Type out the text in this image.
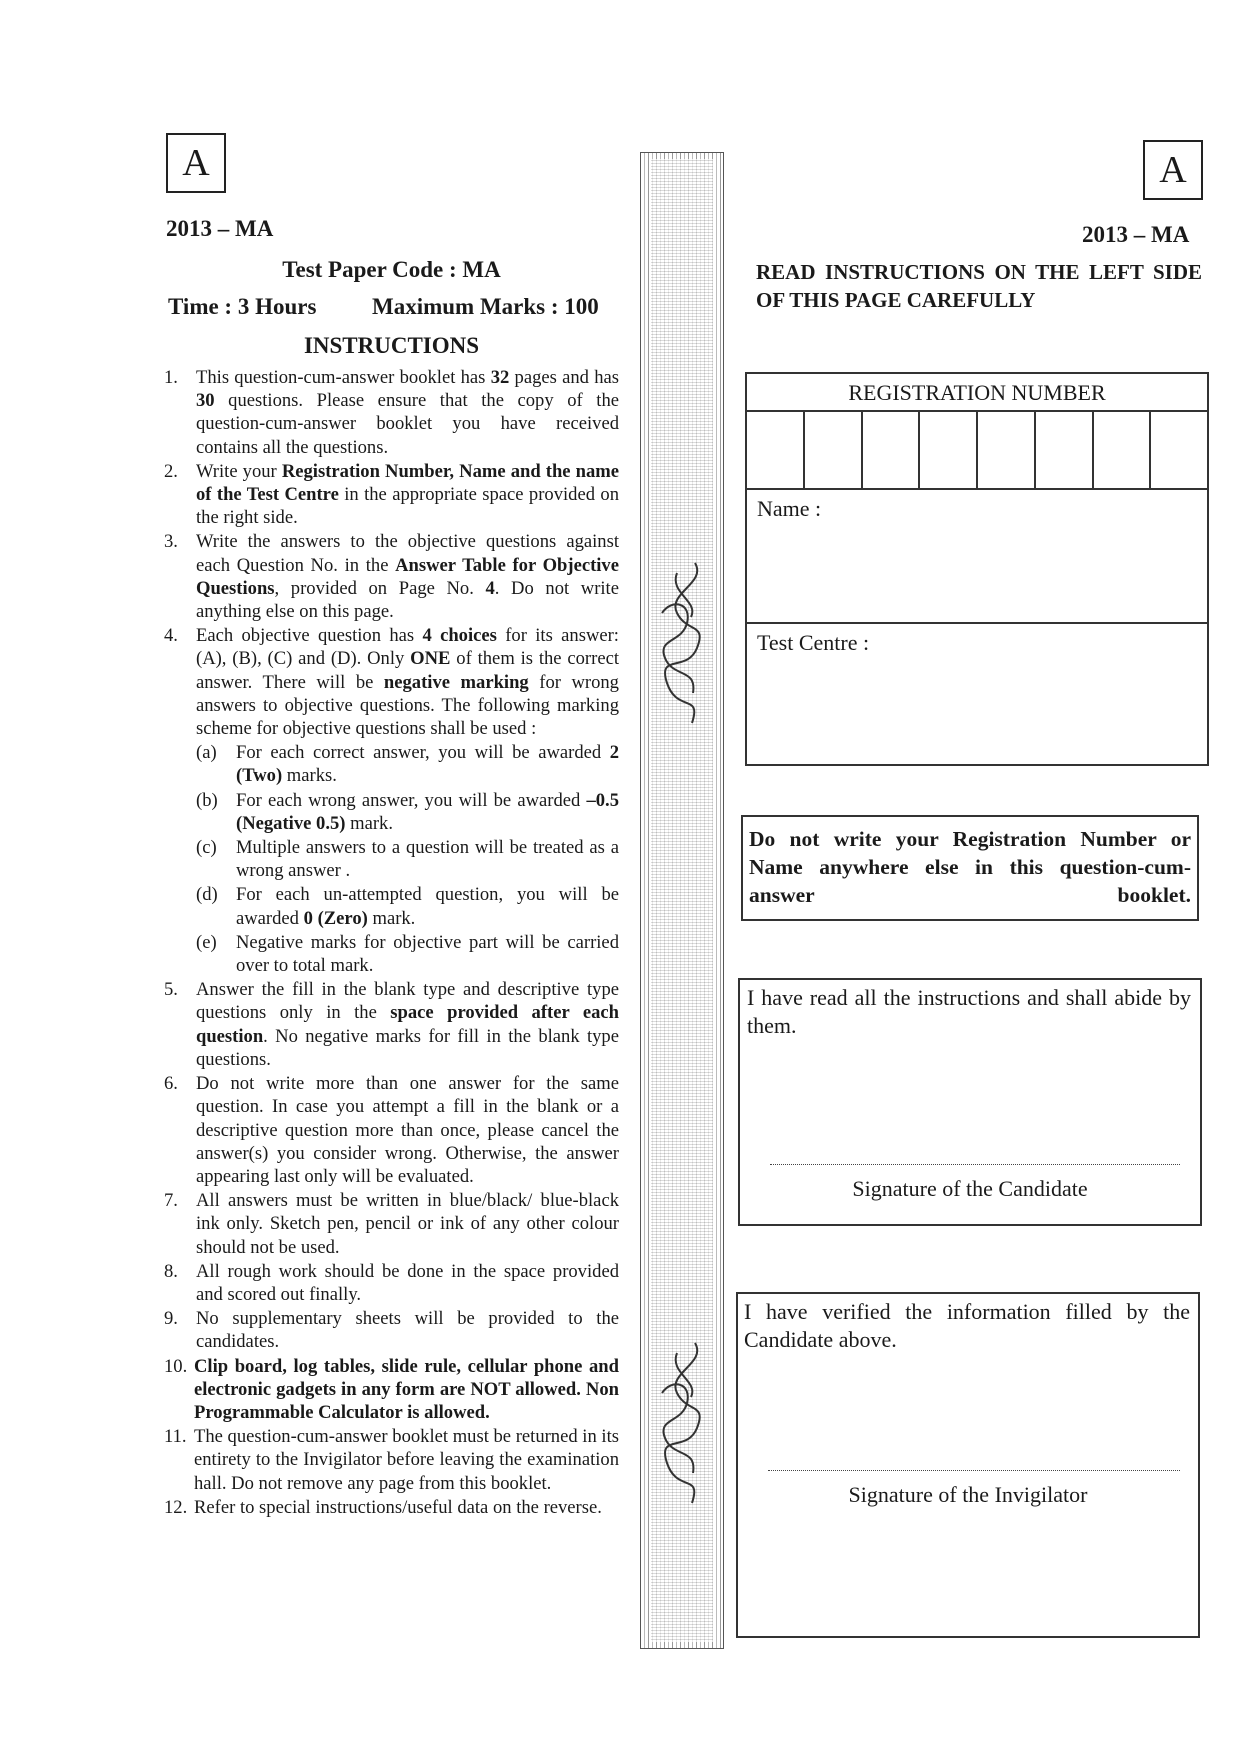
A
2013 – MA
Test Paper Code : MA
Time : 3 Hours Maximum Marks : 100
INSTRUCTIONS
1. This question-cum-answer booklet has 32 pages and has 30 questions. Please ensure that the copy of the question-cum-answer booklet you have received contains all the questions.
2. Write your Registration Number, Name and the name of the Test Centre in the appropriate space provided on the right side.
3. Write the answers to the objective questions against each Question No. in the Answer Table for Objective Questions, provided on Page No. 4. Do not write anything else on this page.
4. Each objective question has 4 choices for its answer: (A), (B), (C) and (D). Only ONE of them is the correct answer. There will be negative marking for wrong answers to objective questions. The following marking scheme for objective questions shall be used :
(a) For each correct answer, you will be awarded 2 (Two) marks.
(b) For each wrong answer, you will be awarded –0.5 (Negative 0.5) mark.
(c) Multiple answers to a question will be treated as a wrong answer .
(d) For each un-attempted question, you will be awarded 0 (Zero) mark.
(e) Negative marks for objective part will be carried over to total mark.
5. Answer the fill in the blank type and descriptive type questions only in the space provided after each question. No negative marks for fill in the blank type questions.
6. Do not write more than one answer for the same question. In case you attempt a fill in the blank or a descriptive question more than once, please cancel the answer(s) you consider wrong. Otherwise, the answer appearing last only will be evaluated.
7. All answers must be written in blue/black/ blue-black ink only. Sketch pen, pencil or ink of any other colour should not be used.
8. All rough work should be done in the space provided and scored out finally.
9. No supplementary sheets will be provided to the candidates.
10. Clip board, log tables, slide rule, cellular phone and electronic gadgets in any form are NOT allowed. Non Programmable Calculator is allowed.
11. The question-cum-answer booklet must be returned in its entirety to the Invigilator before leaving the examination hall. Do not remove any page from this booklet.
12. Refer to special instructions/useful data on the reverse.
A
2013 – MA
READ INSTRUCTIONS ON THE LEFT SIDE OF THIS PAGE CAREFULLY
REGISTRATION NUMBER
Name :
Test Centre :
Do not write your Registration Number or Name anywhere else in this question-cum-answer booklet.
I have read all the instructions and shall abide by them.
Signature of the Candidate
I have verified the information filled by the Candidate above.
Signature of the Invigilator
